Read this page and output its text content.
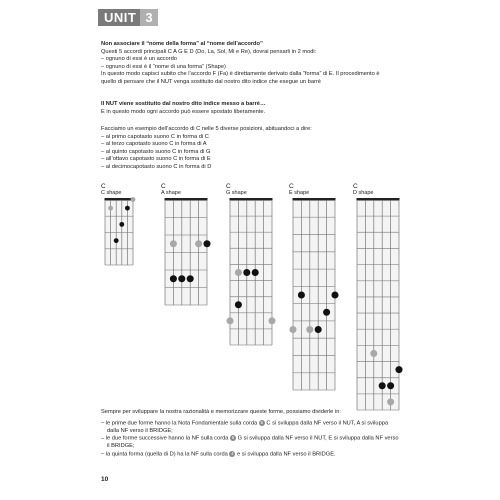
UNIT 3

Non associare il “nome della forma” al “nome dell’accordo”

Questi 5 accordi principali C A G E D (Do, La, Sol, Mi e Re), dovrai pensarli in 2 modi:

– ognuno di essi è un accordo
– ognuno di essi è il “nome di una forma” (Shape)

In questo modo capisci subito che l’accordo F (Fa) è direttamente derivato dalla “forma” di E. Il procedimento è

quello di pensare che il NUT venga sostituito dal nostro dito indice che esegue un barrè

Il NUT viene sostituito dal nostro dito indice messo a barrè…

E in questo modo ogni accordo può essere spostato liberamente.

Facciamo un esempio dell’accordo di C nelle 5 diverse posizioni, abituandoci a dire:

– al primo capotasto suono C in forma di C
– al terzo capotasto suono C in forma di A
– al quinto capotasto suono C in forma di G
– all’ottavo capotasto suono C in forma di E
– al decimocapotasto suono C in forma di D
C
C shape
C
A shape
C
G shape
C
E shape
C
D shape

Sempre per sviluppare la nostra razionalità e memorizzare queste forme, possiamo dividerle in:

– le prime due forme hanno la Nota Fondamentale sulla corda 5 C si sviluppa dalla NF verso il NUT, A si sviluppa
dalla NF verso il BRIDGE;
– le due forme successive hanno la NF sulla corda 6 G si sviluppa dalla NF verso il NUT, E si sviluppa dalla NF verso
il BRIDGE;
– la quinta forma (quella di D) ha la NF sulla corda 4 e si sviluppa dalla NF verso il BRIDGE.
10
